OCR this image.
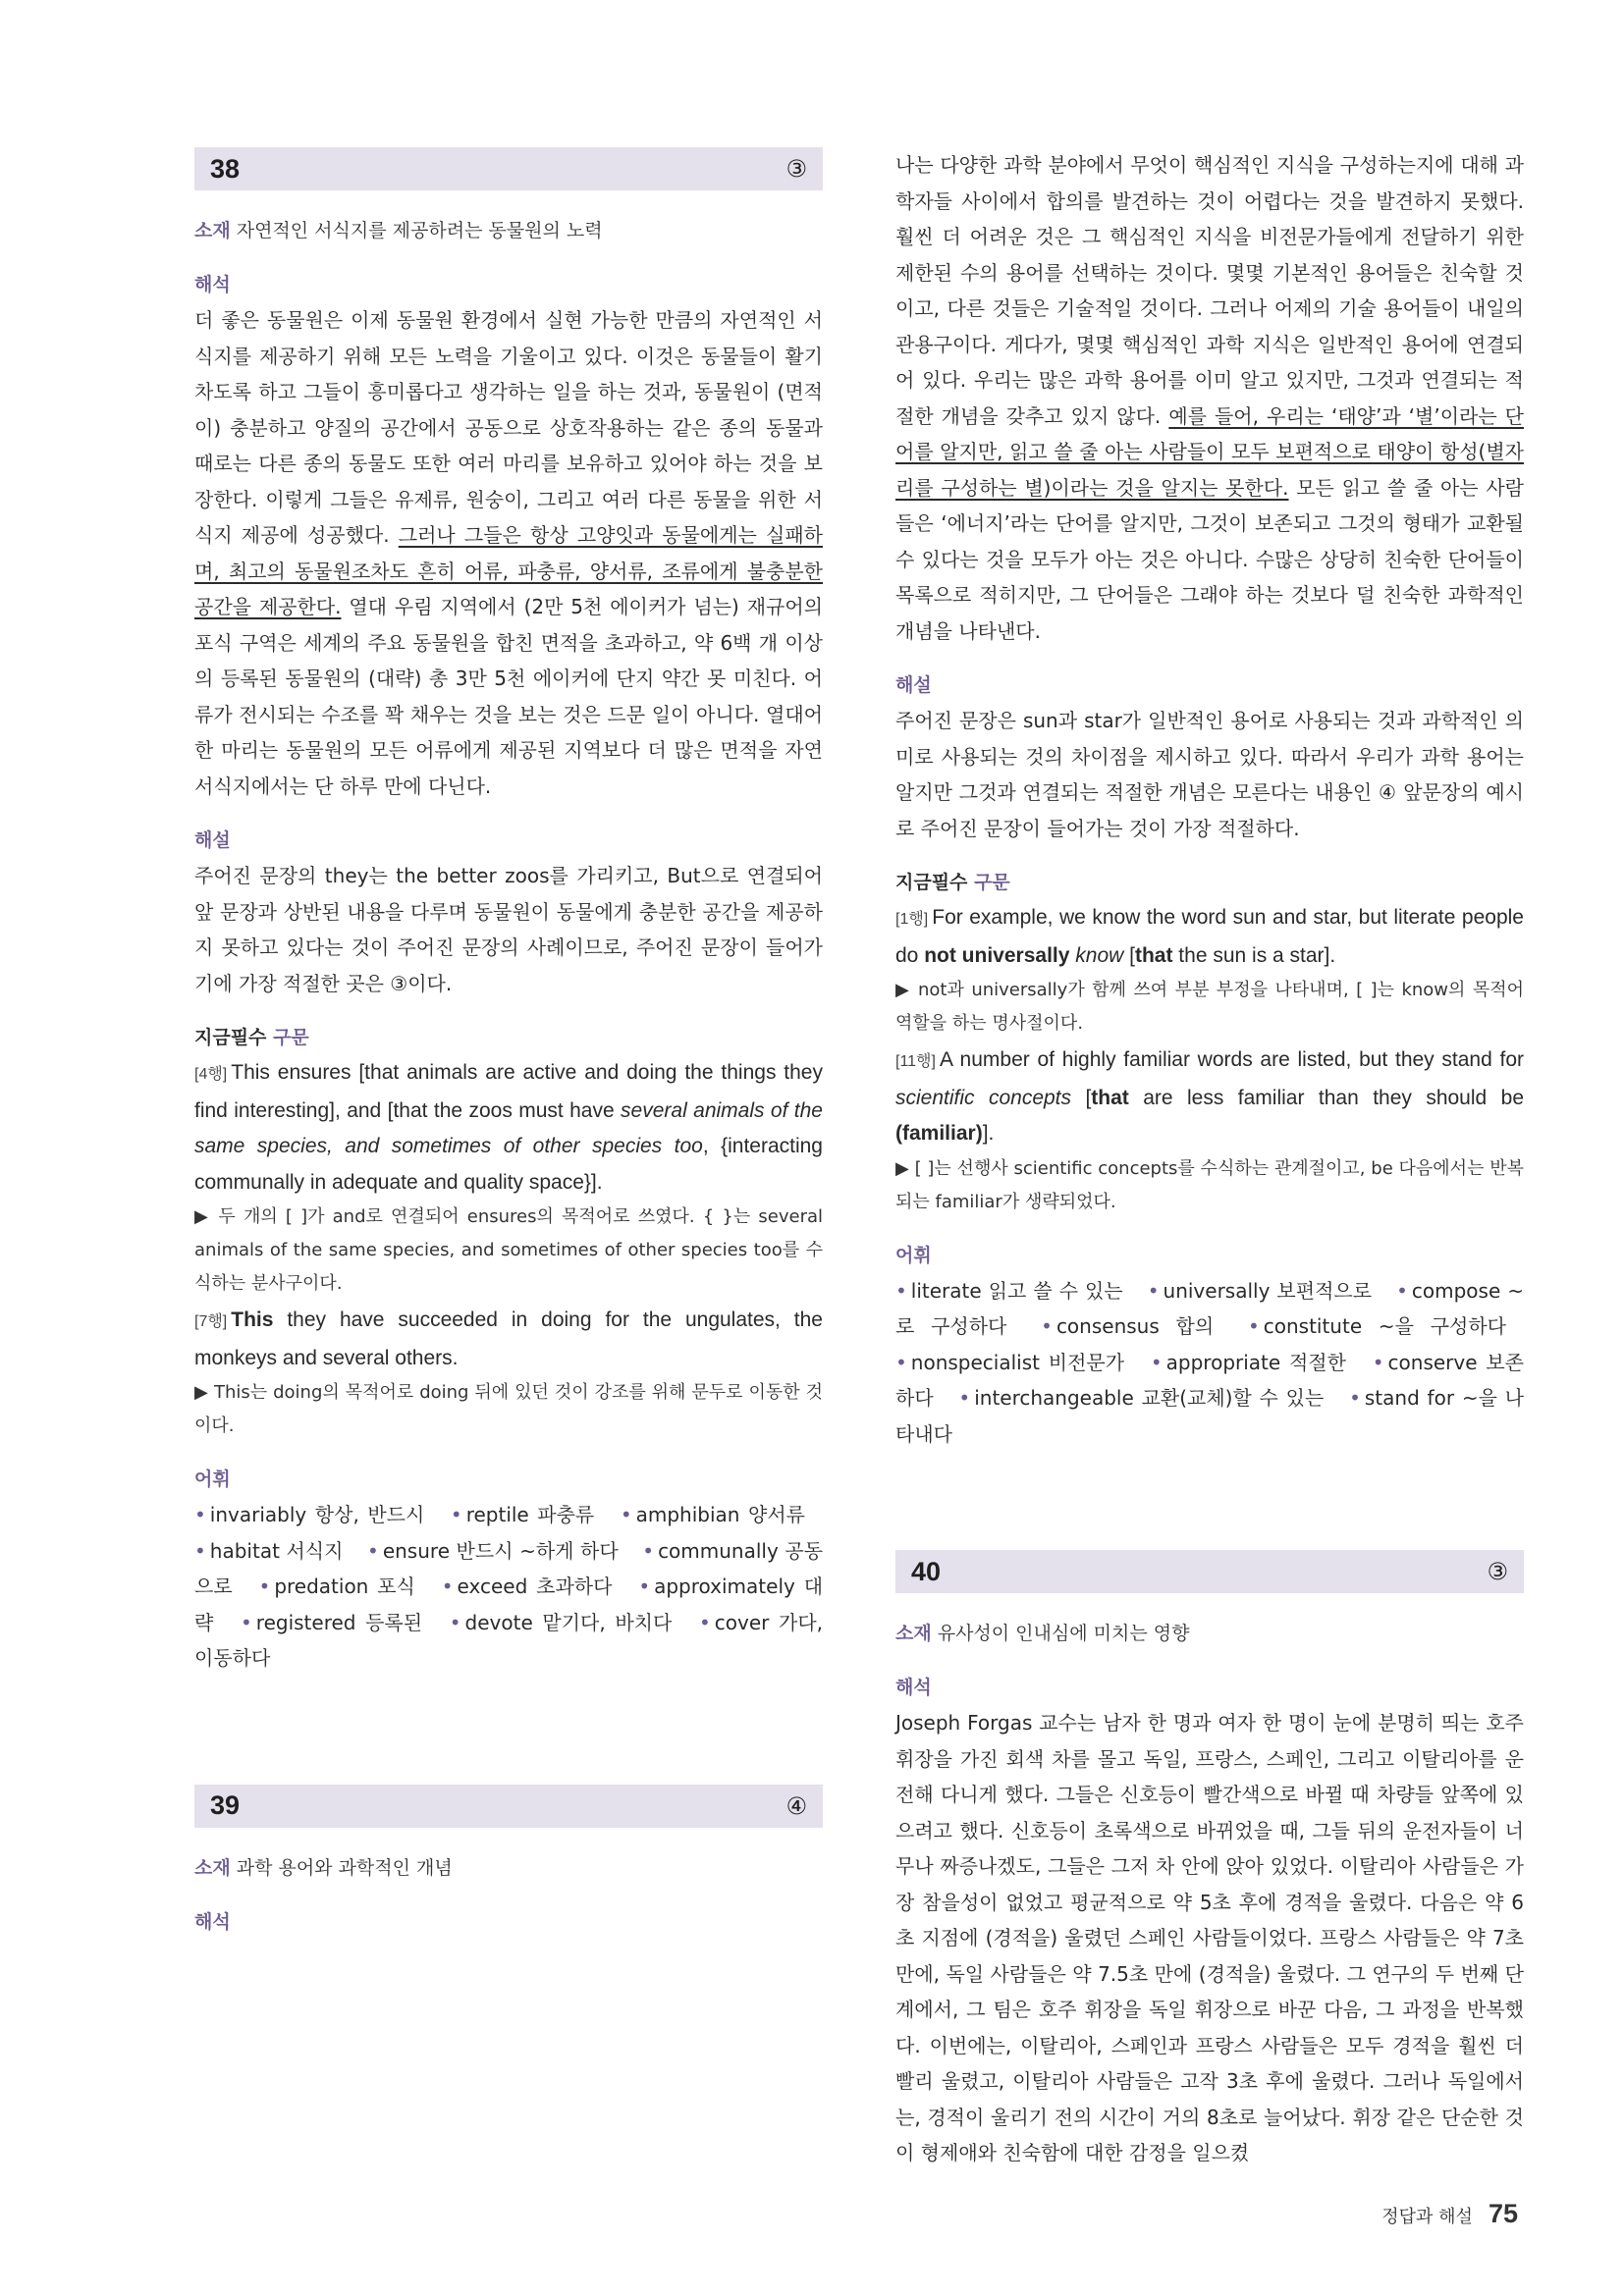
38	③
소재 자연적인 서식지를 제공하려는 동물원의 노력
해석

더 좋은 동물원은 이제 동물원 환경에서 실현 가능한 만큼의 자연적인 서식지를 제공하기 위해 모든 노력을 기울이고 있다. 이것은 동물들이 활기차도록 하고 그들이 흥미롭다고 생각하는 일을 하는 것과, 동물원이 (면적이) 충분하고 양질의 공간에서 공동으로 상호작용하는 같은 종의 동물과 때로는 다른 종의 동물도 또한 여러 마리를 보유하고 있어야 하는 것을 보장한다. 이렇게 그들은 유제류, 원숭이, 그리고 여러 다른 동물을 위한 서식지 제공에 성공했다. 그러나 그들은 항상 고양잇과 동물에게는 실패하며, 최고의 동물원조차도 흔히 어류, 파충류, 양서류, 조류에게 불충분한 공간을 제공한다. 열대 우림 지역에서 (2만 5천 에이커가 넘는) 재규어의 포식 구역은 세계의 주요 동물원을 합친 면적을 초과하고, 약 6백 개 이상의 등록된 동물원의 (대략) 총 3만 5천 에이커에 단지 약간 못 미친다. 어류가 전시되는 수조를 꽉 채우는 것을 보는 것은 드문 일이 아니다. 열대어 한 마리는 동물원의 모든 어류에게 제공된 지역보다 더 많은 면적을 자연 서식지에서는 단 하루 만에 다닌다.

해설

주어진 문장의 they는 the better zoos를 가리키고, But으로 연결되어 앞 문장과 상반된 내용을 다루며 동물원이 동물에게 충분한 공간을 제공하지 못하고 있다는 것이 주어진 문장의 사례이므로, 주어진 문장이 들어가기에 가장 적절한 곳은 ③이다.

지금필수 구문

[4행] This ensures [that animals are active and doing the things they find interesting], and [that the zoos must have several animals of the same species, and sometimes of other species too, {interacting communally in adequate and quality space}].

▶ 두 개의 [ ]가 and로 연결되어 ensures의 목적어로 쓰였다. { }는 several animals of the same species, and sometimes of other species too를 수식하는 분사구이다.

[7행] This they have succeeded in doing for the ungulates, the monkeys and several others.

▶ This는 doing의 목적어로 doing 뒤에 있던 것이 강조를 위해 문두로 이동한 것이다.

어휘

• invariably 항상, 반드시 • reptile 파충류 • amphibian 양서류 • habitat 서식지 • ensure 반드시 ~하게 하다 • communally 공동으로 • predation 포식 • exceed 초과하다 • approximately 대략 • registered 등록된 • devote 맡기다, 바치다 • cover 가다, 이동하다

39	④
소재 과학 용어와 과학적인 개념
해석

나는 다양한 과학 분야에서 무엇이 핵심적인 지식을 구성하는지에 대해 과학자들 사이에서 합의를 발견하는 것이 어렵다는 것을 발견하지 못했다. 훨씬 더 어려운 것은 그 핵심적인 지식을 비전문가들에게 전달하기 위한 제한된 수의 용어를 선택하는 것이다. 몇몇 기본적인 용어들은 친숙할 것이고, 다른 것들은 기술적일 것이다. 그러나 어제의 기술 용어들이 내일의 관용구이다. 게다가, 몇몇 핵심적인 과학 지식은 일반적인 용어에 연결되어 있다. 우리는 많은 과학 용어를 이미 알고 있지만, 그것과 연결되는 적절한 개념을 갖추고 있지 않다. 예를 들어, 우리는 ‘태양’과 ‘별’이라는 단어를 알지만, 읽고 쓸 줄 아는 사람들이 모두 보편적으로 태양이 항성(별자리를 구성하는 별)이라는 것을 알지는 못한다. 모든 읽고 쓸 줄 아는 사람들은 ‘에너지’라는 단어를 알지만, 그것이 보존되고 그것의 형태가 교환될 수 있다는 것을 모두가 아는 것은 아니다. 수많은 상당히 친숙한 단어들이 목록으로 적히지만, 그 단어들은 그래야 하는 것보다 덜 친숙한 과학적인 개념을 나타낸다.

해설

주어진 문장은 sun과 star가 일반적인 용어로 사용되는 것과 과학적인 의미로 사용되는 것의 차이점을 제시하고 있다. 따라서 우리가 과학 용어는 알지만 그것과 연결되는 적절한 개념은 모른다는 내용인 ④ 앞문장의 예시로 주어진 문장이 들어가는 것이 가장 적절하다.

지금필수 구문

[1행] For example, we know the word sun and star, but literate people do not universally know [that the sun is a star].

▶ not과 universally가 함께 쓰여 부분 부정을 나타내며, [ ]는 know의 목적어 역할을 하는 명사절이다.

[11행] A number of highly familiar words are listed, but they stand for scientific concepts [that are less familiar than they should be (familiar)].

▶ [ ]는 선행사 scientific concepts를 수식하는 관계절이고, be 다음에서는 반복되는 familiar가 생략되었다.

어휘

• literate 읽고 쓸 수 있는 • universally 보편적으로 • compose ~로 구성하다 • consensus 합의 • constitute ~을 구성하다 • nonspecialist 비전문가 • appropriate 적절한 • conserve 보존하다 • interchangeable 교환(교체)할 수 있는 • stand for ~을 나타내다

40	③
소재 유사성이 인내심에 미치는 영향
해석

Joseph Forgas 교수는 남자 한 명과 여자 한 명이 눈에 분명히 띄는 호주 휘장을 가진 회색 차를 몰고 독일, 프랑스, 스페인, 그리고 이탈리아를 운전해 다니게 했다. 그들은 신호등이 빨간색으로 바뀔 때 차량들 앞쪽에 있으려고 했다. 신호등이 초록색으로 바뀌었을 때, 그들 뒤의 운전자들이 너무나 짜증나겠도, 그들은 그저 차 안에 앉아 있었다. 이탈리아 사람들은 가장 참을성이 없었고 평균적으로 약 5초 후에 경적을 울렸다. 다음은 약 6초 지점에 (경적을) 울렸던 스페인 사람들이었다. 프랑스 사람들은 약 7초 만에, 독일 사람들은 약 7.5초 만에 (경적을) 울렸다. 그 연구의 두 번째 단계에서, 그 팀은 호주 휘장을 독일 휘장으로 바꾼 다음, 그 과정을 반복했다. 이번에는, 이탈리아, 스페인과 프랑스 사람들은 모두 경적을 훨씬 더 빨리 울렸고, 이탈리아 사람들은 고작 3초 후에 울렸다. 그러나 독일에서는, 경적이 울리기 전의 시간이 거의 8초로 늘어났다. 휘장 같은 단순한 것이 형제애와 친숙함에 대한 감정을 일으켰

정답과 해설 75
